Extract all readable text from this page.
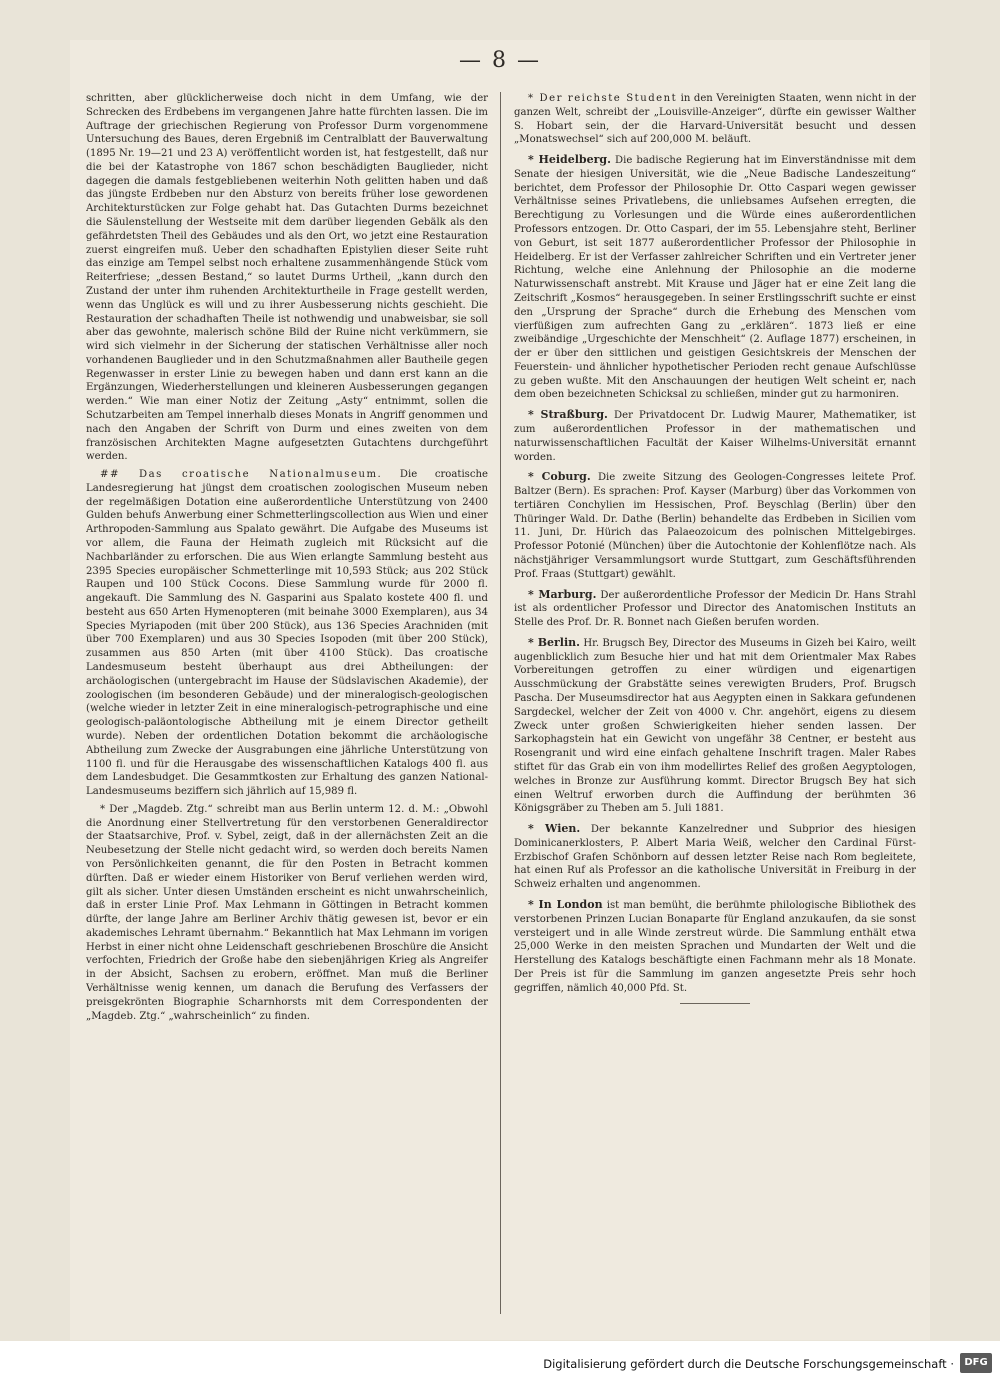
— 8 —

schritten, aber glücklicherweise doch nicht in dem Umfang, wie der Schrecken des Erdbebens im vergangenen Jahre hatte fürchten lassen. Die im Auftrage der griechischen Regierung von Professor Durm vorgenommene Untersuchung des Baues, deren Ergebniß im Centralblatt der Bauverwaltung (1895 Nr. 19—21 und 23 A) veröffentlicht worden ist, hat festgestellt, daß nur die bei der Katastrophe von 1867 schon beschädigten Bauglieder, nicht dagegen die damals festgebliebenen weiterhin Noth gelitten haben und daß das jüngste Erdbeben nur den Absturz von bereits früher lose gewordenen Architekturstücken zur Folge gehabt hat. Das Gutachten Durms bezeichnet die Säulenstellung der Westseite mit dem darüber liegenden Gebälk als den gefährdetsten Theil des Gebäudes und als den Ort, wo jetzt eine Restauration zuerst eingreifen muß. Ueber den schadhaften Epistylien dieser Seite ruht das einzige am Tempel selbst noch erhaltene zusammenhängende Stück vom Reiterfriese; „dessen Bestand,“ so lautet Durms Urtheil, „kann durch den Zustand der unter ihm ruhenden Architekturtheile in Frage gestellt werden, wenn das Unglück es will und zu ihrer Ausbesserung nichts geschieht. Die Restauration der schadhaften Theile ist nothwendig und unabweisbar, sie soll aber das gewohnte, malerisch schöne Bild der Ruine nicht verkümmern, sie wird sich vielmehr in der Sicherung der statischen Verhältnisse aller noch vorhandenen Bauglieder und in den Schutzmaßnahmen aller Bautheile gegen Regenwasser in erster Linie zu bewegen haben und dann erst kann an die Ergänzungen, Wiederherstellungen und kleineren Ausbesserungen gegangen werden.“ Wie man einer Notiz der Zeitung „Asty“ entnimmt, sollen die Schutzarbeiten am Tempel innerhalb dieses Monats in Angriff genommen und nach den Angaben der Schrift von Durm und eines zweiten von dem französischen Architekten Magne aufgesetzten Gutachtens durchgeführt werden.

## Das croatische Nationalmuseum. Die croatische Landesregierung hat jüngst dem croatischen zoologischen Museum neben der regelmäßigen Dotation eine außerordentliche Unterstützung von 2400 Gulden behufs Anwerbung einer Schmetterlingscollection aus Wien und einer Arthropoden-Sammlung aus Spalato gewährt. Die Aufgabe des Museums ist vor allem, die Fauna der Heimath zugleich mit Rücksicht auf die Nachbarländer zu erforschen. Die aus Wien erlangte Sammlung besteht aus 2395 Species europäischer Schmetterlinge mit 10,593 Stück; aus 202 Stück Raupen und 100 Stück Cocons. Diese Sammlung wurde für 2000 fl. angekauft. Die Sammlung des N. Gasparini aus Spalato kostete 400 fl. und besteht aus 650 Arten Hymenopteren (mit beinahe 3000 Exemplaren), aus 34 Species Myriapoden (mit über 200 Stück), aus 136 Species Arachniden (mit über 700 Exemplaren) und aus 30 Species Isopoden (mit über 200 Stück), zusammen aus 850 Arten (mit über 4100 Stück). Das croatische Landesmuseum besteht überhaupt aus drei Abtheilungen: der archäologischen (untergebracht im Hause der Südslavischen Akademie), der zoologischen (im besonderen Gebäude) und der mineralogisch-geologischen (welche wieder in letzter Zeit in eine mineralogisch-petrographische und eine geologisch-paläontologische Abtheilung mit je einem Director getheilt wurde). Neben der ordentlichen Dotation bekommt die archäologische Abtheilung zum Zwecke der Ausgrabungen eine jährliche Unterstützung von 1100 fl. und für die Herausgabe des wissenschaftlichen Katalogs 400 fl. aus dem Landesbudget. Die Gesammtkosten zur Erhaltung des ganzen National-Landesmuseums beziffern sich jährlich auf 15,989 fl.

* Der „Magdeb. Ztg.“ schreibt man aus Berlin unterm 12. d. M.: „Obwohl die Anordnung einer Stellvertretung für den verstorbenen Generaldirector der Staatsarchive, Prof. v. Sybel, zeigt, daß in der allernächsten Zeit an die Neubesetzung der Stelle nicht gedacht wird, so werden doch bereits Namen von Persönlichkeiten genannt, die für den Posten in Betracht kommen dürften. Daß er wieder einem Historiker von Beruf verliehen werden wird, gilt als sicher. Unter diesen Umständen erscheint es nicht unwahrscheinlich, daß in erster Linie Prof. Max Lehmann in Göttingen in Betracht kommen dürfte, der lange Jahre am Berliner Archiv thätig gewesen ist, bevor er ein akademisches Lehramt übernahm.“ Bekanntlich hat Max Lehmann im vorigen Herbst in einer nicht ohne Leidenschaft geschriebenen Broschüre die Ansicht verfochten, Friedrich der Große habe den siebenjährigen Krieg als Angreifer in der Absicht, Sachsen zu erobern, eröffnet. Man muß die Berliner Verhältnisse wenig kennen, um danach die Berufung des Verfassers der preisgekrönten Biographie Scharnhorsts mit dem Correspondenten der „Magdeb. Ztg.“ „wahrscheinlich“ zu finden.

* Der reichste Student in den Vereinigten Staaten, wenn nicht in der ganzen Welt, schreibt der „Louisville-Anzeiger“, dürfte ein gewisser Walther S. Hobart sein, der die Harvard-Universität besucht und dessen „Monatswechsel“ sich auf 200,000 M. beläuft.

* Heidelberg. Die badische Regierung hat im Einverständnisse mit dem Senate der hiesigen Universität, wie die „Neue Badische Landeszeitung“ berichtet, dem Professor der Philosophie Dr. Otto Caspari wegen gewisser Verhältnisse seines Privatlebens, die unliebsames Aufsehen erregten, die Berechtigung zu Vorlesungen und die Würde eines außerordentlichen Professors entzogen. Dr. Otto Caspari, der im 55. Lebensjahre steht, Berliner von Geburt, ist seit 1877 außerordentlicher Professor der Philosophie in Heidelberg. Er ist der Verfasser zahlreicher Schriften und ein Vertreter jener Richtung, welche eine Anlehnung der Philosophie an die moderne Naturwissenschaft anstrebt. Mit Krause und Jäger hat er eine Zeit lang die Zeitschrift „Kosmos“ herausgegeben. In seiner Erstlingsschrift suchte er einst den „Ursprung der Sprache“ durch die Erhebung des Menschen vom vierfüßigen zum aufrechten Gang zu „erklären“. 1873 ließ er eine zweibändige „Urgeschichte der Menschheit“ (2. Auflage 1877) erscheinen, in der er über den sittlichen und geistigen Gesichtskreis der Menschen der Feuerstein- und ähnlicher hypothetischer Perioden recht genaue Aufschlüsse zu geben wußte. Mit den Anschauungen der heutigen Welt scheint er, nach dem oben bezeichneten Schicksal zu schließen, minder gut zu harmoniren.

* Straßburg. Der Privatdocent Dr. Ludwig Maurer, Mathematiker, ist zum außerordentlichen Professor in der mathematischen und naturwissenschaftlichen Facultät der Kaiser Wilhelms-Universität ernannt worden.

* Coburg. Die zweite Sitzung des Geologen-Congresses leitete Prof. Baltzer (Bern). Es sprachen: Prof. Kayser (Marburg) über das Vorkommen von tertiären Conchylien im Hessischen, Prof. Beyschlag (Berlin) über den Thüringer Wald. Dr. Dathe (Berlin) behandelte das Erdbeben in Sicilien vom 11. Juni, Dr. Hürich das Palaeozoicum des polnischen Mittelgebirges. Professor Potonié (München) über die Autochtonie der Kohlenflötze nach. Als nächstjähriger Versammlungsort wurde Stuttgart, zum Geschäftsführenden Prof. Fraas (Stuttgart) gewählt.

* Marburg. Der außerordentliche Professor der Medicin Dr. Hans Strahl ist als ordentlicher Professor und Director des Anatomischen Instituts an Stelle des Prof. Dr. R. Bonnet nach Gießen berufen worden.

* Berlin. Hr. Brugsch Bey, Director des Museums in Gizeh bei Kairo, weilt augenblicklich zum Besuche hier und hat mit dem Orientmaler Max Rabes Vorbereitungen getroffen zu einer würdigen und eigenartigen Ausschmückung der Grabstätte seines verewigten Bruders, Prof. Brugsch Pascha. Der Museumsdirector hat aus Aegypten einen in Sakkara gefundenen Sargdeckel, welcher der Zeit von 4000 v. Chr. angehört, eigens zu diesem Zweck unter großen Schwierigkeiten hieher senden lassen. Der Sarkophagstein hat ein Gewicht von ungefähr 38 Centner, er besteht aus Rosengranit und wird eine einfach gehaltene Inschrift tragen. Maler Rabes stiftet für das Grab ein von ihm modellirtes Relief des großen Aegyptologen, welches in Bronze zur Ausführung kommt. Director Brugsch Bey hat sich einen Weltruf erworben durch die Auffindung der berühmten 36 Königsgräber zu Theben am 5. Juli 1881.

* Wien. Der bekannte Kanzelredner und Subprior des hiesigen Dominicanerklosters, P. Albert Maria Weiß, welcher den Cardinal Fürst-Erzbischof Grafen Schönborn auf dessen letzter Reise nach Rom begleitete, hat einen Ruf als Professor an die katholische Universität in Freiburg in der Schweiz erhalten und angenommen.

* In London ist man bemüht, die berühmte philologische Bibliothek des verstorbenen Prinzen Lucian Bonaparte für England anzukaufen, da sie sonst versteigert und in alle Winde zerstreut würde. Die Sammlung enthält etwa 25,000 Werke in den meisten Sprachen und Mundarten der Welt und die Herstellung des Katalogs beschäftigte einen Fachmann mehr als 18 Monate. Der Preis ist für die Sammlung im ganzen angesetzte Preis sehr hoch gegriffen, nämlich 40,000 Pfd. St.

Digitalisierung gefördert durch die Deutsche Forschungsgemeinschaft ·	DFG
